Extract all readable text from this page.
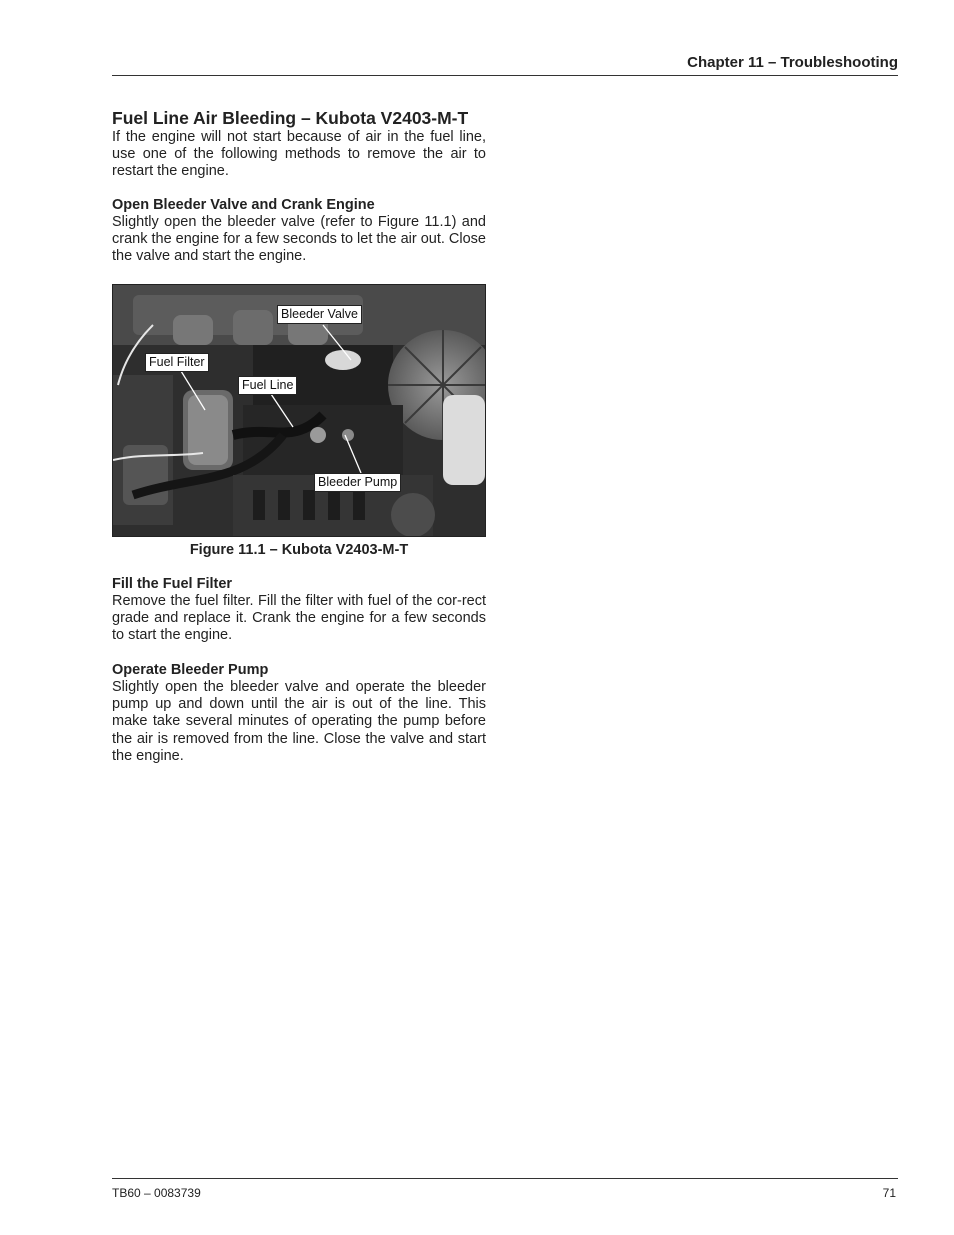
Chapter 11 – Troubleshooting
Fuel Line Air Bleeding – Kubota V2403-M-T

If the engine will not start because of air in the fuel line, use one of the following methods to remove the air to restart the engine.

Open Bleeder Valve and Crank Engine

Slightly open the bleeder valve (refer to Figure 11.1) and crank the engine for a few seconds to let the air out. Close the valve and start the engine.

Bleeder Valve
Fuel Filter
Fuel Line
Bleeder Pump
Figure 11.1 – Kubota V2403-M-T
Fill the Fuel Filter

Remove the fuel filter. Fill the filter with fuel of the cor-rect grade and replace it. Crank the engine for a few seconds to start the engine.

Operate Bleeder Pump

Slightly open the bleeder valve and operate the bleeder pump up and down until the air is out of the line. This make take several minutes of operating the pump before the air is removed from the line. Close the valve and start the engine.

TB60 – 0083739	71
